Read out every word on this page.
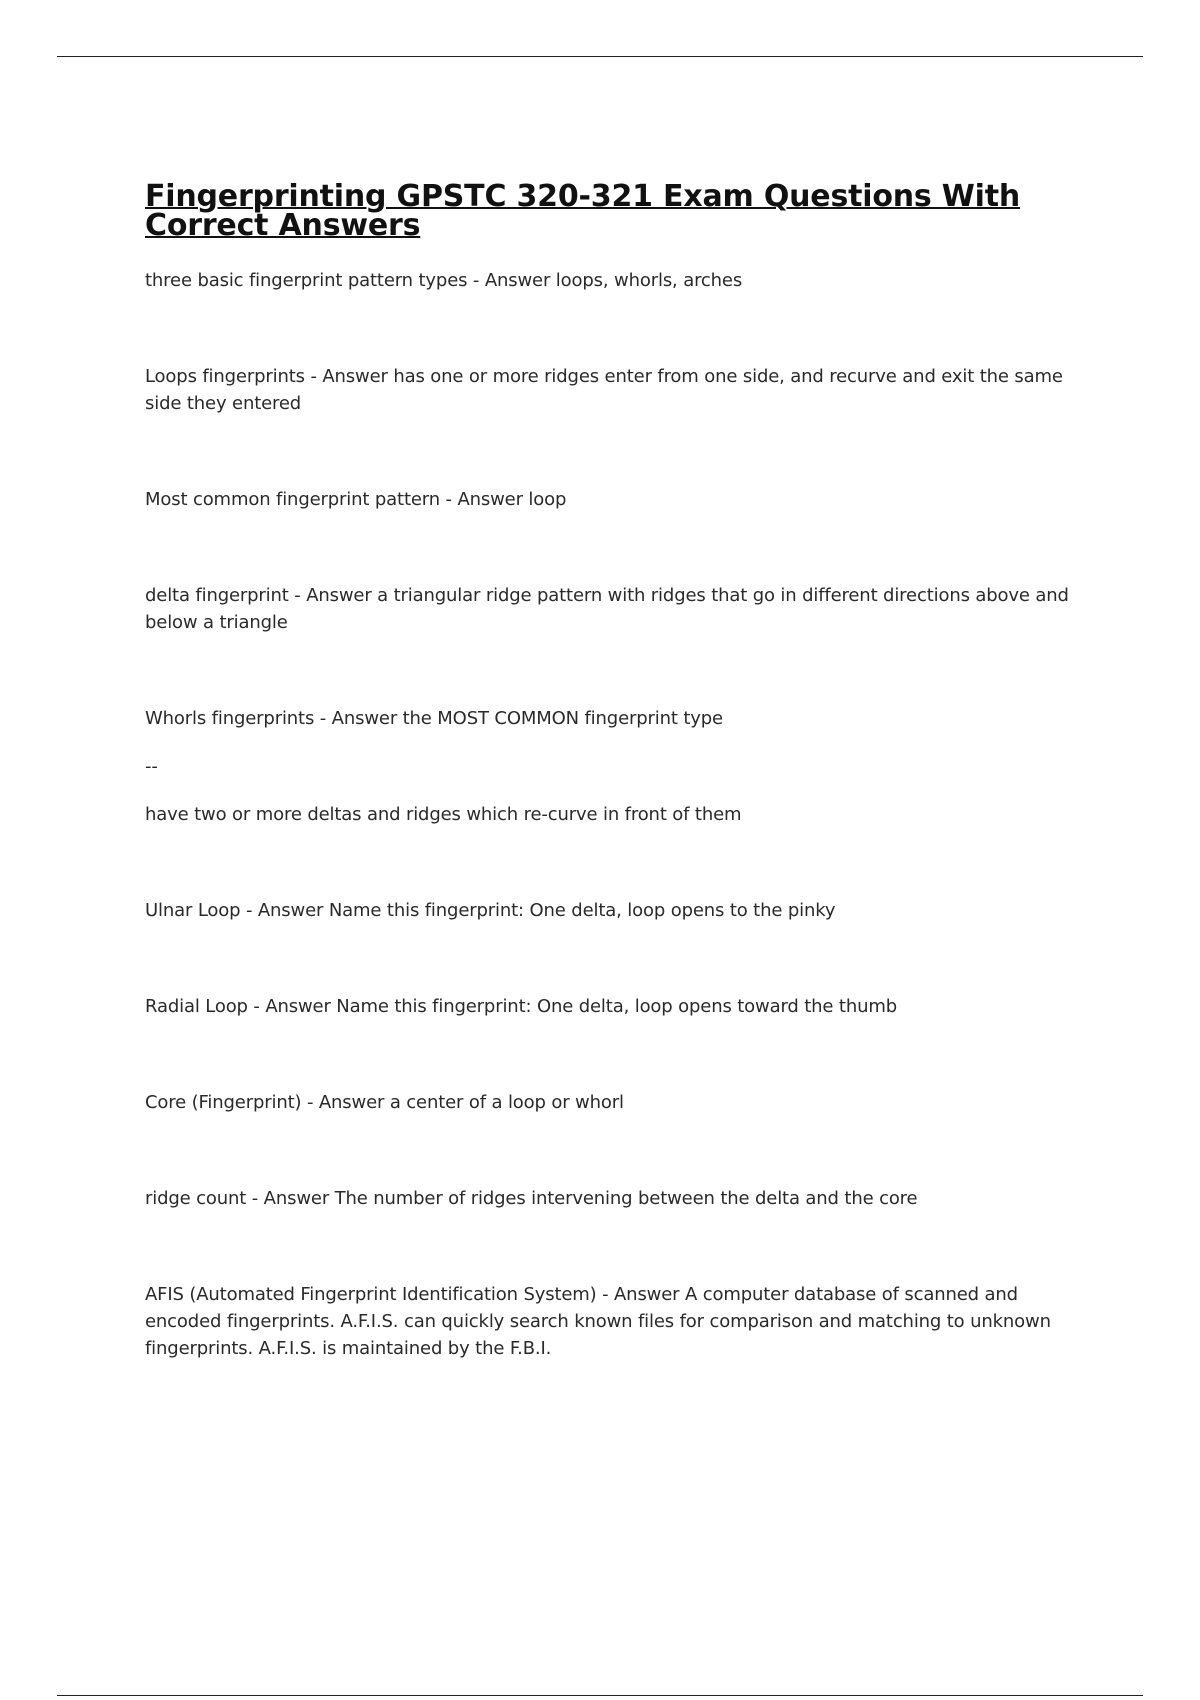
Fingerprinting GPSTC 320-321 Exam Questions With Correct Answers

three basic fingerprint pattern types - Answer loops, whorls, arches

Loops fingerprints - Answer has one or more ridges enter from one side, and recurve and exit the same side they entered

Most common fingerprint pattern - Answer loop

delta fingerprint - Answer a triangular ridge pattern with ridges that go in different directions above and below a triangle

Whorls fingerprints - Answer the MOST COMMON fingerprint type

--

have two or more deltas and ridges which re-curve in front of them

Ulnar Loop - Answer Name this fingerprint: One delta, loop opens to the pinky

Radial Loop - Answer Name this fingerprint: One delta, loop opens toward the thumb

Core (Fingerprint) - Answer a center of a loop or whorl

ridge count - Answer The number of ridges intervening between the delta and the core

AFIS (Automated Fingerprint Identification System) - Answer A computer database of scanned and encoded fingerprints. A.F.I.S. can quickly search known files for comparison and matching to unknown fingerprints. A.F.I.S. is maintained by the F.B.I.
